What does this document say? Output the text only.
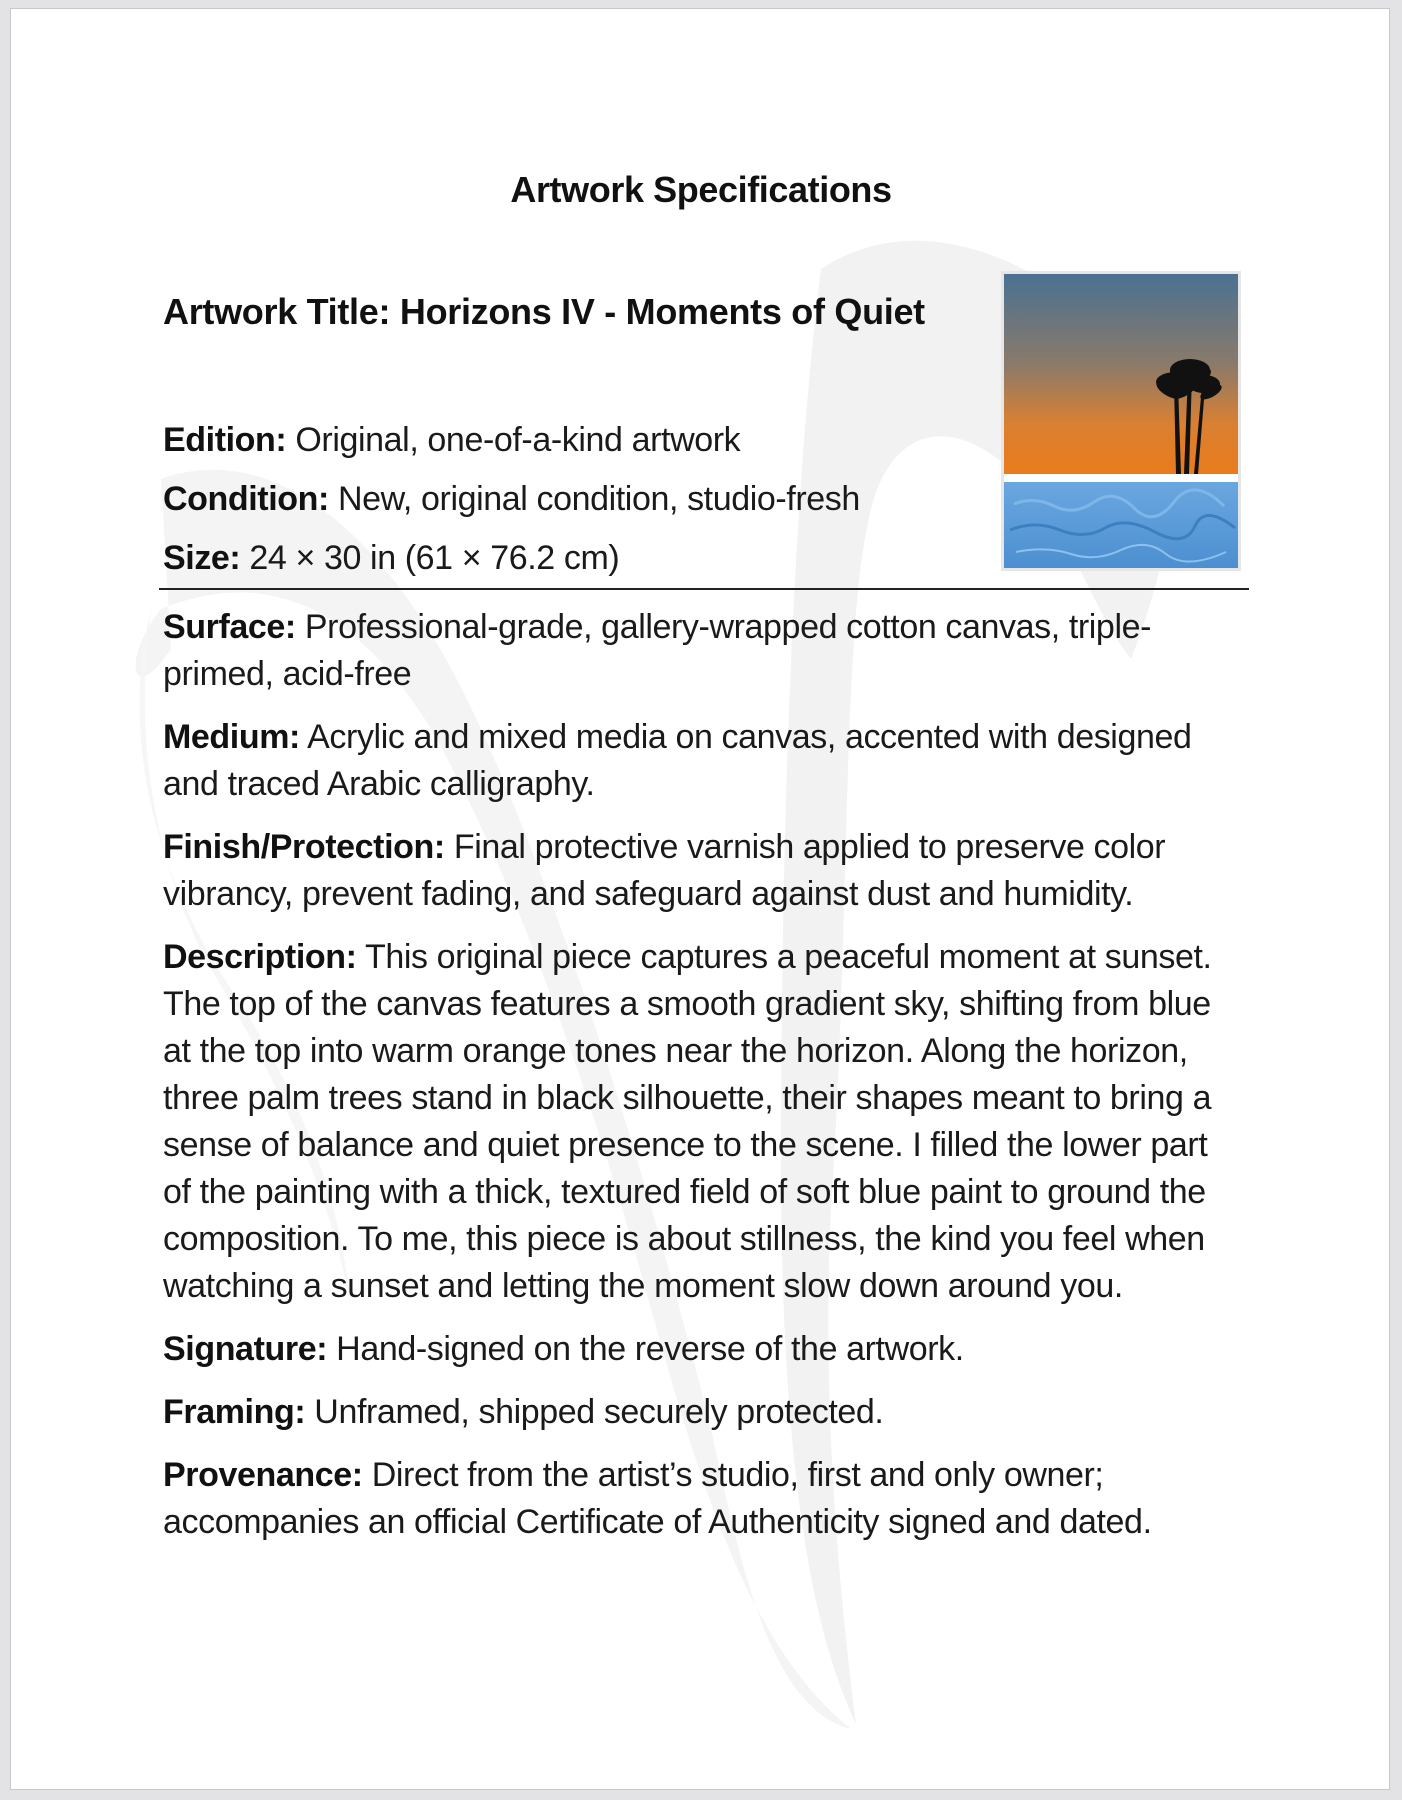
Artwork Specifications
Artwork Title: Horizons IV - Moments of Quiet
Edition: Original, one-of-a-kind artwork
Condition: New, original condition, studio-fresh
Size: 24 × 30 in (61 × 76.2 cm)
Surface: Professional-grade, gallery-wrapped cotton canvas, triple-primed, acid-free
Medium: Acrylic and mixed media on canvas, accented with designed and traced Arabic calligraphy.
Finish/Protection: Final protective varnish applied to preserve color vibrancy, prevent fading, and safeguard against dust and humidity.
Description: This original piece captures a peaceful moment at sunset. The top of the canvas features a smooth gradient sky, shifting from blue at the top into warm orange tones near the horizon. Along the horizon, three palm trees stand in black silhouette, their shapes meant to bring a sense of balance and quiet presence to the scene. I filled the lower part of the painting with a thick, textured field of soft blue paint to ground the composition. To me, this piece is about stillness, the kind you feel when watching a sunset and letting the moment slow down around you.
Signature: Hand-signed on the reverse of the artwork.
Framing: Unframed, shipped securely protected.
Provenance: Direct from the artist’s studio, first and only owner; accompanies an official Certificate of Authenticity signed and dated.
